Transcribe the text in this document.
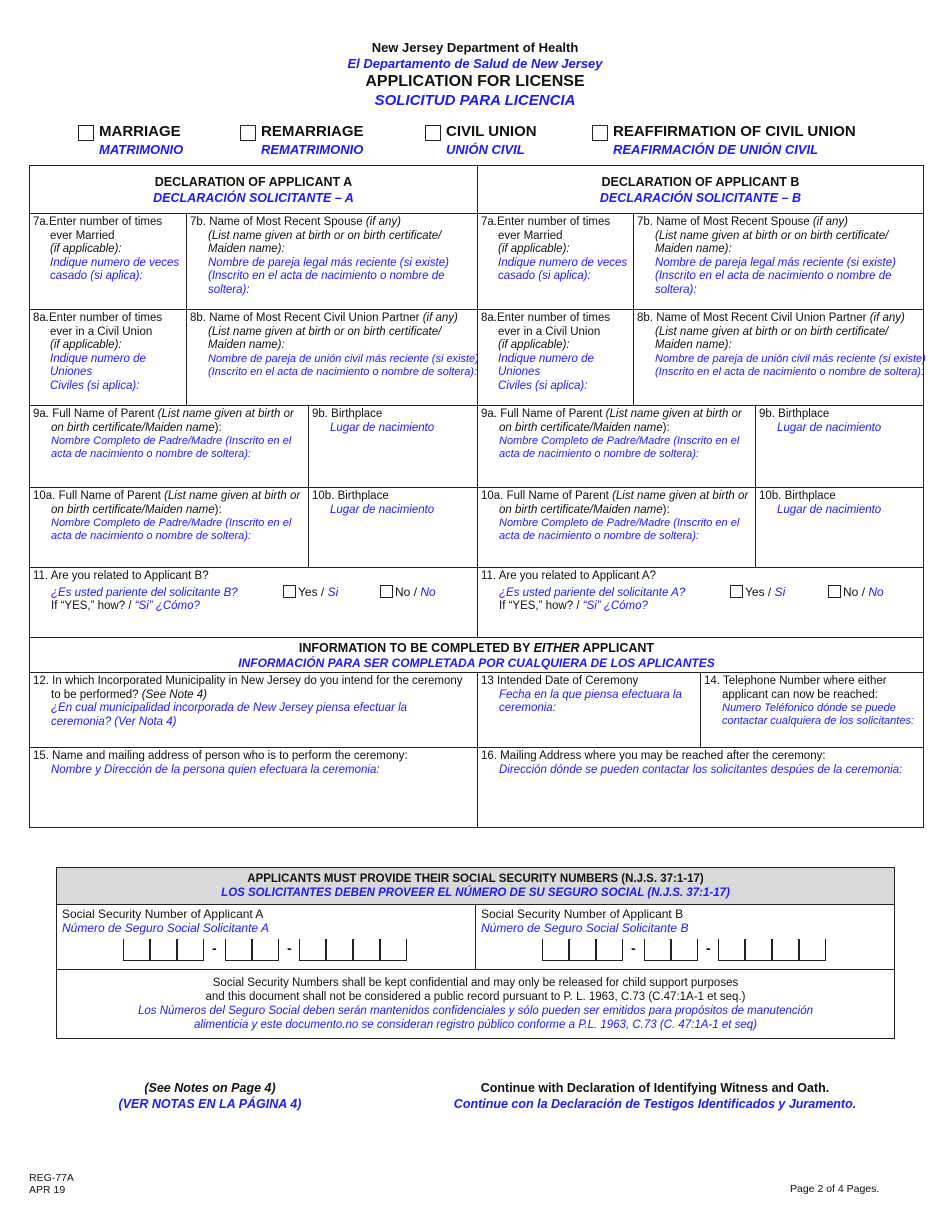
New Jersey Department of Health
El Departamento de Salud de New Jersey
APPLICATION FOR LICENSE
SOLICITUD PARA LICENCIA
MARRIAGE
MATRIMONIO
REMARRIAGE
REMATRIMONIO
CIVIL UNION
UNIÓN CIVIL
REAFFIRMATION OF CIVIL UNION
REAFIRMACIÓN DE UNIÓN CIVIL
DECLARATION OF APPLICANT A
DECLARACIÓN SOLICITANTE – A
DECLARATION OF APPLICANT B
DECLARACIÓN SOLICITANTE – B
7a.Enter number of times
ever Married
(if applicable):
Indique numero de veces
casado (si aplica):
7b. Name of Most Recent Spouse (if any)
(List name given at birth or on birth certificate/
Maiden name):
Nombre de pareja legal más reciente (si existe)
(Inscrito en el acta de nacimiento o nombre de soltera):
7a.Enter number of times
ever Married
(if applicable):
Indique numero de veces
casado (si aplica):
7b. Name of Most Recent Spouse (if any)
(List name given at birth or on birth certificate/
Maiden name):
Nombre de pareja legal más reciente (si existe)
(Inscrito en el acta de nacimiento o nombre de soltera):
8a.Enter number of times
ever in a Civil Union
(if applicable):
Indique numero de Uniones
Civiles (si aplica):
8b. Name of Most Recent Civil Union Partner (if any)
(List name given at birth or on birth certificate/
Maiden name):
Nombre de pareja de unión civil más reciente (si existe)
(Inscrito en el acta de nacimiento o nombre de soltera):
8a.Enter number of times
ever in a Civil Union
(if applicable):
Indique numero de Uniones
Civiles (si aplica):
8b. Name of Most Recent Civil Union Partner (if any)
(List name given at birth or on birth certificate/
Maiden name):
Nombre de pareja de unión civil más reciente (si existe)
(Inscrito en el acta de nacimiento o nombre de soltera):
9a. Full Name of Parent (List name given at birth or
on birth certificate/Maiden name):
Nombre Completo de Padre/Madre (Inscrito en el
acta de nacimiento o nombre de soltera):
9b. Birthplace
Lugar de nacimiento
9a. Full Name of Parent (List name given at birth or
on birth certificate/Maiden name):
Nombre Completo de Padre/Madre (Inscrito en el
acta de nacimiento o nombre de soltera):
9b. Birthplace
Lugar de nacimiento
10a. Full Name of Parent (List name given at birth or
on birth certificate/Maiden name):
Nombre Completo de Padre/Madre (Inscrito en el
acta de nacimiento o nombre de soltera):
10b. Birthplace
Lugar de nacimiento
10a. Full Name of Parent (List name given at birth or
on birth certificate/Maiden name):
Nombre Completo de Padre/Madre (Inscrito en el
acta de nacimiento o nombre de soltera):
10b. Birthplace
Lugar de nacimiento
11. Are you related to Applicant B?
¿Es usted pariente del solicitante B?
If “YES,” how? / “Si” ¿Cómo?
Yes / Si	No / No
11. Are you related to Applicant A?
¿Es usted pariente del solicitante A?
If “YES,” how? / “Si” ¿Cómo?
Yes / Si	No / No
INFORMATION TO BE COMPLETED BY EITHER APPLICANT
INFORMACIÓN PARA SER COMPLETADA POR CUALQUIERA DE LOS APLICANTES
12. In which Incorporated Municipality in New Jersey do you intend for the ceremony
to be performed? (See Note 4)
¿En cual municipalidad incorporada de New Jersey piensa efectuar la
ceremonia? (Ver Nota 4)
13 Intended Date of Ceremony
Fecha en la que piensa efectuara la
ceremonia:
14. Telephone Number where either
applicant can now be reached:
Numero Teléfonico dónde se puede
contactar cualquiera de los solicitantes:
15. Name and mailing address of person who is to perform the ceremony:
Nombre y Dirección de la persona quien efectuara la ceremonia:
16. Mailing Address where you may be reached after the ceremony:
Dirección dónde se pueden contactar los solicitantes despúes de la ceremonia:
APPLICANTS MUST PROVIDE THEIR SOCIAL SECURITY NUMBERS (N.J.S. 37:1-17)
LOS SOLICITANTES DEBEN PROVEER EL NÚMERO DE SU SEGURO SOCIAL (N.J.S. 37:1-17)
Social Security Number of Applicant A
Número de Seguro Social Solicitante A
-	-
Social Security Number of Applicant B
Número de Seguro Social Solicitante B
-	-
Social Security Numbers shall be kept confidential and may only be released for child support purposes
and this document shall not be considered a public record pursuant to P. L. 1963, C.73 (C.47:1A-1 et seq.)
Los Números del Seguro Social deben serán mantenidos confidenciales y sólo pueden ser emitidos para propósitos de manutención
alimenticia y este documento.no se consideran registro público conforme a P.L. 1963, C.73 (C. 47:1A-1 et seq)
(See Notes on Page 4)
(VER NOTAS EN LA PÁGINA 4)
Continue with Declaration of Identifying Witness and Oath.
Continue con la Declaración de Testigos Identificados y Juramento.
REG-77A
APR 19	Page 2 of 4 Pages.
